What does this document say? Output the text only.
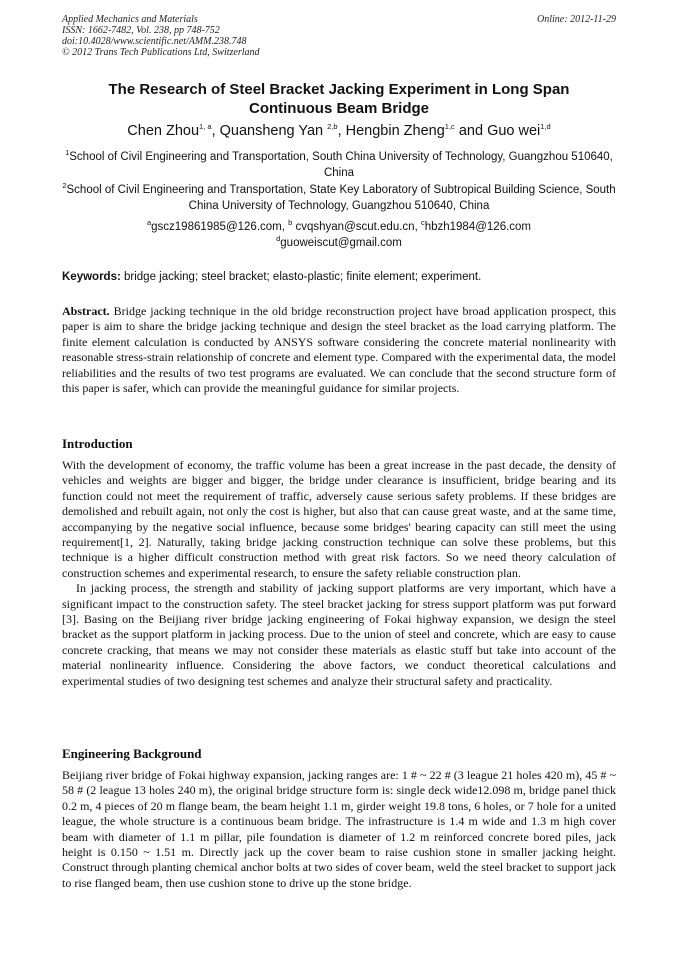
Applied Mechanics and Materials
ISSN: 1662-7482, Vol. 238, pp 748-752
doi:10.4028/www.scientific.net/AMM.238.748
© 2012 Trans Tech Publications Ltd, Switzerland
Online: 2012-11-29
The Research of Steel Bracket Jacking Experiment in Long Span
Continuous Beam Bridge
Chen Zhou$^{1, a}$, Quansheng Yan $^{2,b}$, Hengbin Zheng$^{1,c}$ and Guo wei$^{1,d}$
$^1$School of Civil Engineering and Transportation, South China University of Technology, Guangzhou 510640, China
$^2$School of Civil Engineering and Transportation, State Key Laboratory of Subtropical Building Science, South China University of Technology, Guangzhou 510640, China
$^a$gscz19861985@126.com, $^b$ cvqshyan@scut.edu.cn, $^c$hbzh1984@126.com
$^d$guoweiscut@gmail.com
Keywords: bridge jacking; steel bracket; elasto-plastic; finite element; experiment.

Abstract. Bridge jacking technique in the old bridge reconstruction project have broad application prospect, this paper is aim to share the bridge jacking technique and design the steel bracket as the load carrying platform. The finite element calculation is conducted by ANSYS software considering the concrete material nonlinearity with reasonable stress-strain relationship of concrete and element type. Compared with the experimental data, the model reliabilities and the results of two test programs are evaluated. We can conclude that the second structure form of this paper is safer, which can provide the meaningful guidance for similar projects.

Introduction

With the development of economy, the traffic volume has been a great increase in the past decade, the density of vehicles and weights are bigger and bigger, the bridge under clearance is insufficient, bridge bearing and its function could not meet the requirement of traffic, adversely cause serious safety problems. If these bridges are demolished and rebuilt again, not only the cost is higher, but also that can cause great waste, and at the same time, accompanying by the negative social influence, because some bridges' bearing capacity can still meet the using requirement[1, 2]. Naturally, taking bridge jacking construction technique can solve these problems, but this technique is a higher difficult construction method with great risk factors. So we need theory calculation of construction schemes and experimental research, to ensure the safety reliable construction plan.

In jacking process, the strength and stability of jacking support platforms are very important, which have a significant impact to the construction safety. The steel bracket jacking for stress support platform was put forward [3]. Basing on the Beijiang river bridge jacking engineering of Fokai highway expansion, we design the steel bracket as the support platform in jacking process. Due to the union of steel and concrete, which are easy to cause concrete cracking, that means we may not consider these materials as elastic stuff but take into account of the material nonlinearity influence. Considering the above factors, we conduct theoretical calculations and experimental studies of two designing test schemes and analyze their structural safety and practicality.

Engineering Background

Beijiang river bridge of Fokai highway expansion, jacking ranges are: 1 # ~ 22 # (3 league 21 holes 420 m), 45 # ~ 58 # (2 league 13 holes 240 m), the original bridge structure form is: single deck wide12.098 m, bridge panel thick 0.2 m, 4 pieces of 20 m flange beam, the beam height 1.1 m, girder weight 19.8 tons, 6 holes, or 7 hole for a united league, the whole structure is a continuous beam bridge. The infrastructure is 1.4 m wide and 1.3 m high cover beam with diameter of 1.1 m pillar, pile foundation is diameter of 1.2 m reinforced concrete bored piles, jack height is 0.150 ~ 1.51 m. Directly jack up the cover beam to raise cushion stone in smaller jacking height. Construct through planting chemical anchor bolts at two sides of cover beam, weld the steel bracket to support jack to rise flanged beam, then use cushion stone to drive up the stone bridge.
